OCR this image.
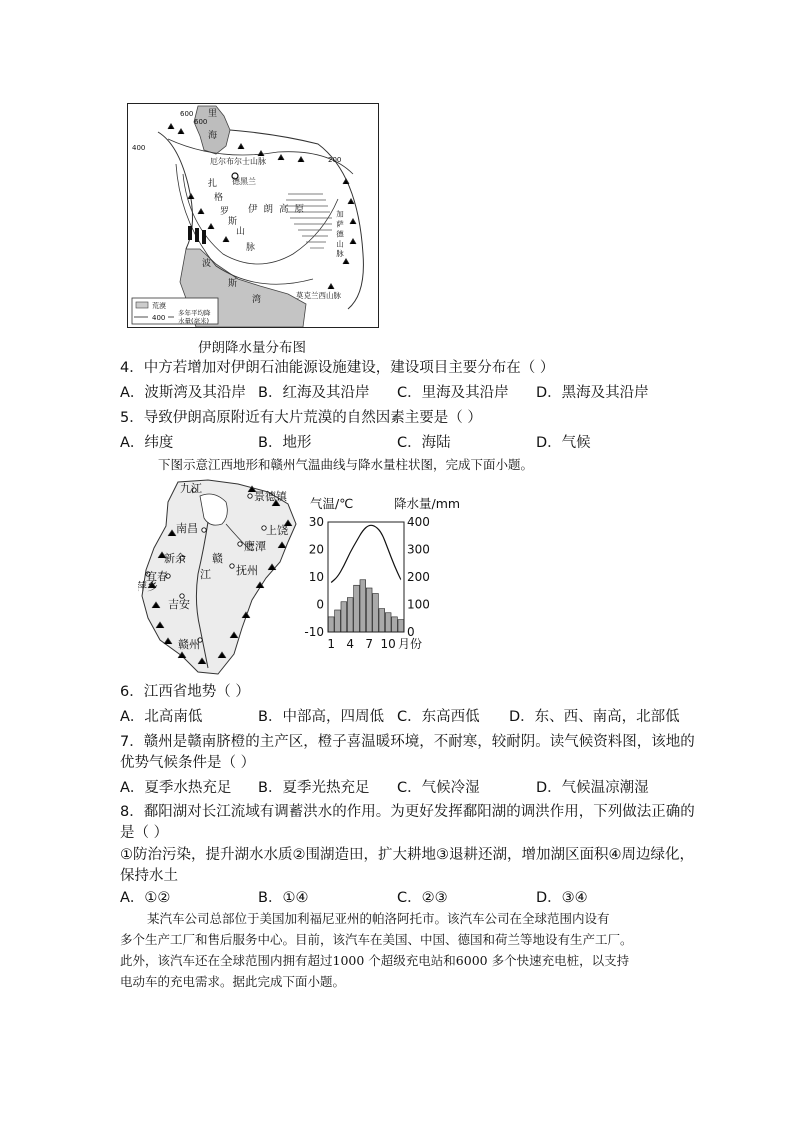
里
海
600
600
400
200
厄尔布尔士山脉
德黑兰
扎
格
罗
斯
山
脉
伊朗高原
波
斯
湾
加 萨 德 山 脉
莫克兰西山脉
荒漠
400
多年平均降
水量(毫米)
伊朗降水量分布图
4．中方若增加对伊朗石油能源设施建设，建设项目主要分布在（ ）
A．波斯湾及其沿岸 B．红海及其沿岸	C．里海及其沿岸	D．黑海及其沿岸
5．导致伊朗高原附近有大片荒漠的自然因素主要是（ ）
A．纬度	B．地形	C．海陆	D．气候
下图示意江西地形和赣州气温曲线与降水量柱状图，完成下面小题。
九江
景德镇
南昌	上饶
鹰潭
萍乡
新余
宜春	抚州
吉安
赣州
赣
江
气温/℃	降水量/mm
30
20
10
0
-10
400
300
200
100
0
1 4 7 10 月份
6．江西省地势（ ）
A．北高南低	B．中部高，四周低 C．东高西低	D．东、西、南高，北部低
7．赣州是赣南脐橙的主产区，橙子喜温暖环境，不耐寒，较耐阴。读气候资料图，该地的
优势气候条件是（ ）
A．夏季水热充足	B．夏季光热充足	C．气候冷湿	D．气候温凉潮湿
8．鄱阳湖对长江流域有调蓄洪水的作用。为更好发挥鄱阳湖的调洪作用，下列做法正确的
是（ ）
①防治污染，提升湖水水质②围湖造田，扩大耕地③退耕还湖，增加湖区面积④周边绿化，
保持水土
A．①②	B．①④	C．②③	D．③④
某汽车公司总部位于美国加利福尼亚州的帕洛阿托市。该汽车公司在全球范围内设有
多个生产工厂和售后服务中心。目前，该汽车在美国、中国、德国和荷兰等地设有生产工厂。
此外，该汽车还在全球范围内拥有超过1000 个超级充电站和6000 多个快速充电桩，以支持
电动车的充电需求。据此完成下面小题。
